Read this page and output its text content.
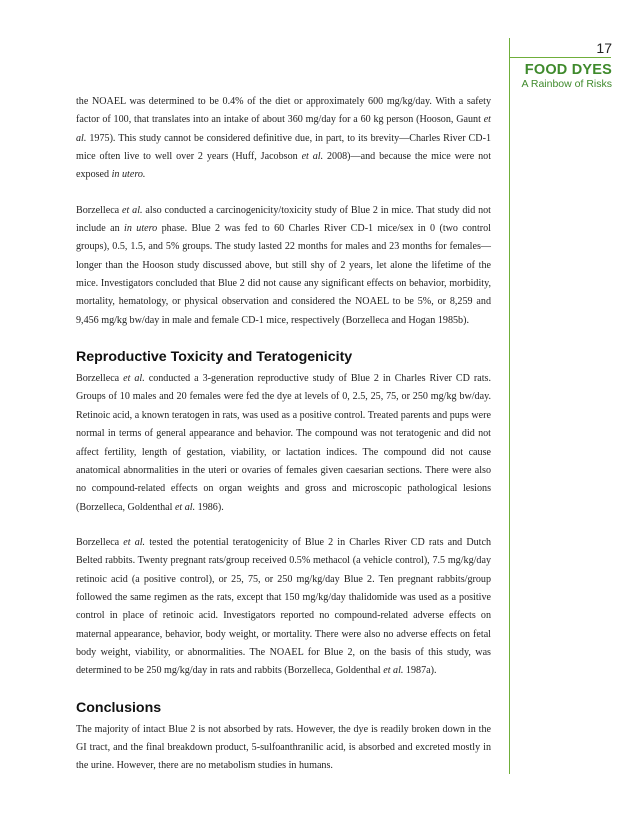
17
FOOD DYES
A Rainbow of Risks

the NOAEL was determined to be 0.4% of the diet or approximately 600 mg/kg/day. With a safety factor of 100, that translates into an intake of about 360 mg/day for a 60 kg person (Hooson, Gaunt et al. 1975). This study cannot be considered definitive due, in part, to its brevity—Charles River CD-1 mice often live to well over 2 years (Huff, Jacobson et al. 2008)—and because the mice were not exposed in utero.

Borzelleca et al. also conducted a carcinogenicity/toxicity study of Blue 2 in mice. That study did not include an in utero phase. Blue 2 was fed to 60 Charles River CD-1 mice/sex in 0 (two control groups), 0.5, 1.5, and 5% groups. The study lasted 22 months for males and 23 months for females—longer than the Hooson study discussed above, but still shy of 2 years, let alone the lifetime of the mice. Investigators concluded that Blue 2 did not cause any significant effects on behavior, morbidity, mortality, hematology, or physical observation and considered the NOAEL to be 5%, or 8,259 and 9,456 mg/kg bw/day in male and female CD-1 mice, respectively (Borzelleca and Hogan 1985b).

Reproductive Toxicity and Teratogenicity

Borzelleca et al. conducted a 3-generation reproductive study of Blue 2 in Charles River CD rats. Groups of 10 males and 20 females were fed the dye at levels of 0, 2.5, 25, 75, or 250 mg/kg bw/day. Retinoic acid, a known teratogen in rats, was used as a positive control. Treated parents and pups were normal in terms of general appearance and behavior. The compound was not teratogenic and did not affect fertility, length of gestation, viability, or lactation indices. The compound did not cause anatomical abnormalities in the uteri or ovaries of females given caesarian sections. There were also no compound-related effects on organ weights and gross and microscopic pathological lesions (Borzelleca, Goldenthal et al. 1986).

Borzelleca et al. tested the potential teratogenicity of Blue 2 in Charles River CD rats and Dutch Belted rabbits. Twenty pregnant rats/group received 0.5% methacol (a vehicle control), 7.5 mg/kg/day retinoic acid (a positive control), or 25, 75, or 250 mg/kg/day Blue 2. Ten pregnant rabbits/group followed the same regimen as the rats, except that 150 mg/kg/day thalidomide was used as a positive control in place of retinoic acid. Investigators reported no compound-related adverse effects on maternal appearance, behavior, body weight, or mortality. There were also no adverse effects on fetal body weight, viability, or abnormalities. The NOAEL for Blue 2, on the basis of this study, was determined to be 250 mg/kg/day in rats and rabbits (Borzelleca, Goldenthal et al. 1987a).

Conclusions

The majority of intact Blue 2 is not absorbed by rats. However, the dye is readily broken down in the GI tract, and the final breakdown product, 5-sulfoanthranilic acid, is absorbed and excreted mostly in the urine. However, there are no metabolism studies in humans.
